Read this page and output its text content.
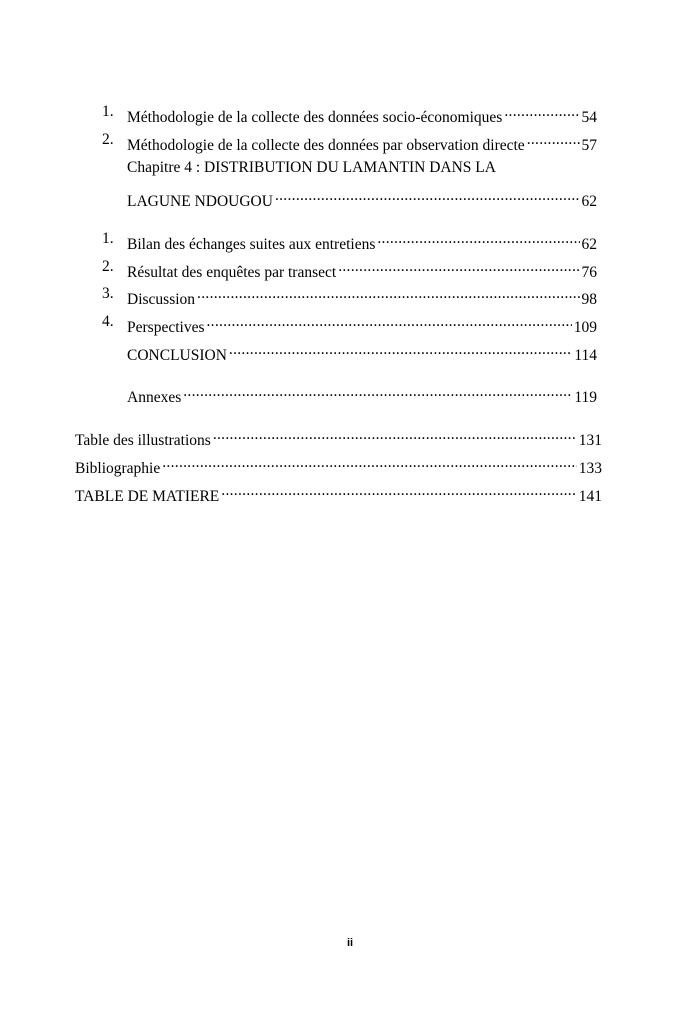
1. Méthodologie de la collecte des données socio-économiques .....	54
2. Méthodologie de la collecte des données par observation directe .....	57
Chapitre 4 : DISTRIBUTION DU LAMANTIN DANS LA
LAGUNE NDOUGOU .....	62
1. Bilan des échanges suites aux entretiens .....	62
2. Résultat des enquêtes par transect .....	76
3. Discussion .....	98
4. Perspectives .....	109
CONCLUSION .....	114
Annexes .....	119
Table des illustrations .....	131
Bibliographie .....	133
TABLE DE MATIERE .....	141
ii
